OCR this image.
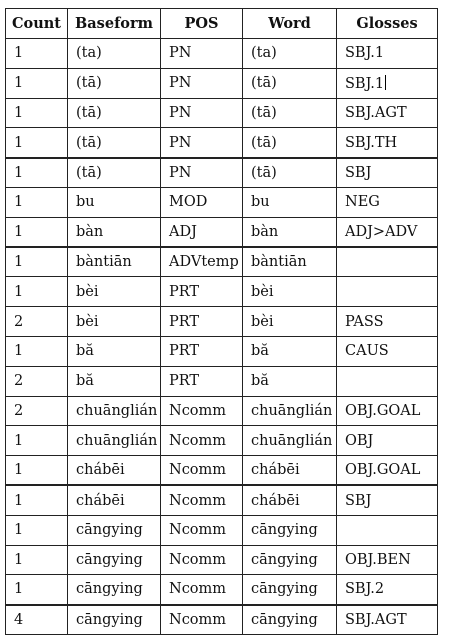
Count	Baseform	POS	Word	Glosses
1	(ta)	PN	(ta)	SBJ.1
1	(tā)	PN	(tā)	SBJ.1
1	(tā)	PN	(tā)	SBJ.AGT
1	(tā)	PN	(tā)	SBJ.TH
1	(tā)	PN	(tā)	SBJ
1	bu	MOD	bu	NEG
1	bàn	ADJ	bàn	ADJ>ADV
1	bàntiān	ADVtemp	bàntiān	
1	bèi	PRT	bèi	
2	bèi	PRT	bèi	PASS
1	bă	PRT	bă	CAUS
2	bă	PRT	bă	
2	chuānglián	Ncomm	chuānglián	OBJ.GOAL
1	chuānglián	Ncomm	chuānglián	OBJ
1	chábēi	Ncomm	chábēi	OBJ.GOAL
1	chábēi	Ncomm	chábēi	SBJ
1	cāngying	Ncomm	cāngying	
1	cāngying	Ncomm	cāngying	OBJ.BEN
1	cāngying	Ncomm	cāngying	SBJ.2
4	cāngying	Ncomm	cāngying	SBJ.AGT
